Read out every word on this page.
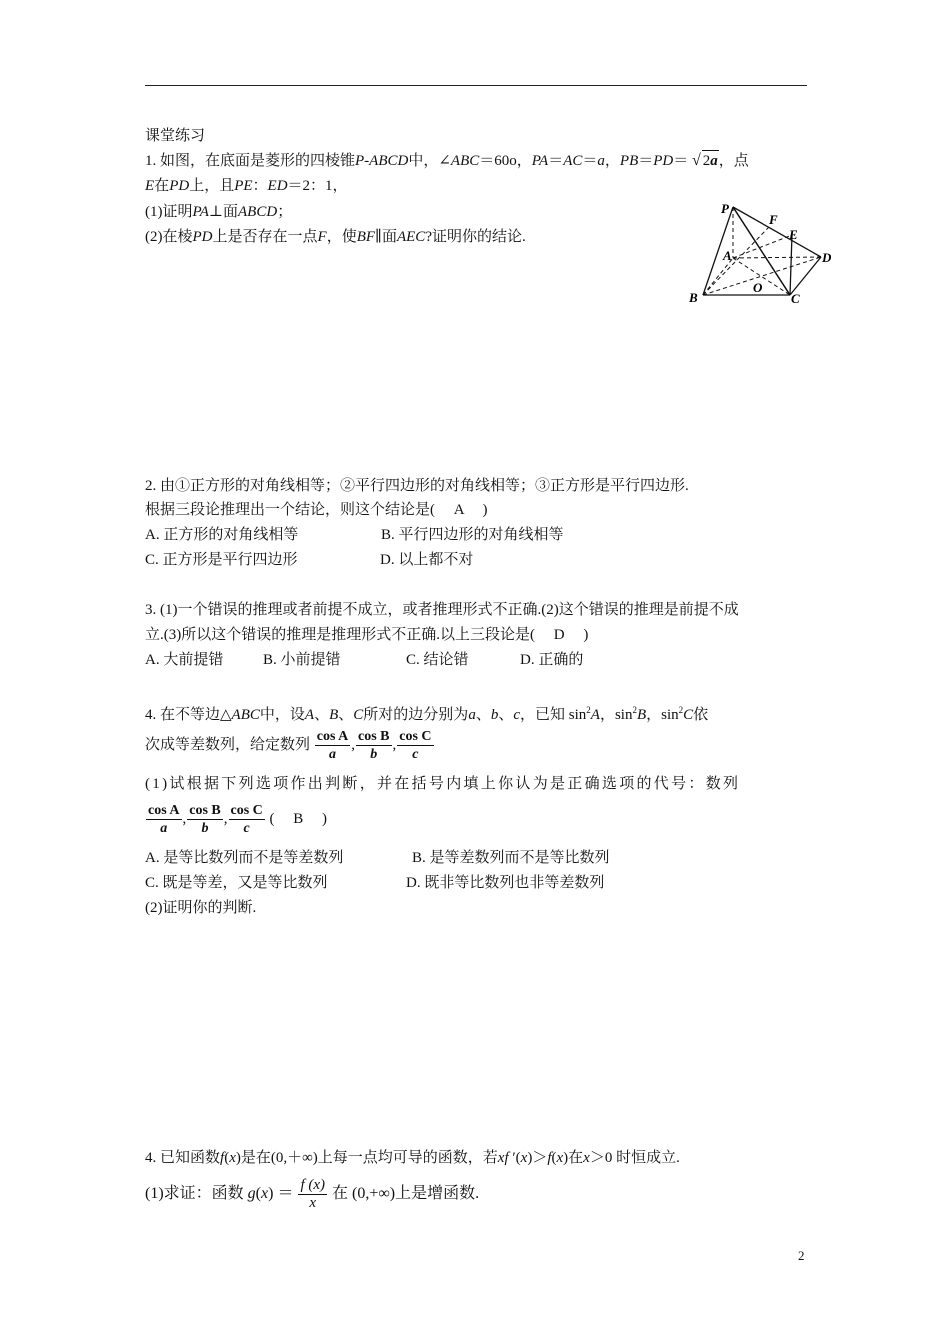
课堂练习
1. 如图，在底面是菱形的四棱锥P-ABCD中，∠ABC＝60o，PA＝AC＝a，PB＝PD＝ √ 2a，点
E在PD上，且PE：ED＝2：1，
(1)证明PA⊥面ABCD；
(2)在棱PD上是否存在一点F，使BF∥面AEC?证明你的结论.
P
F
E
A	D
O
B	C
2. 由①正方形的对角线相等；②平行四边形的对角线相等；③正方形是平行四边形.
根据三段论推理出一个结论，则这个结论是(　 A　 )
A. 正方形的对角线相等	B. 平行四边形的对角线相等
C. 正方形是平行四边形	D. 以上都不对
3. (1)一个错误的推理或者前提不成立，或者推理形式不正确.(2)这个错误的推理是前提不成
立.(3)所以这个错误的推理是推理形式不正确.以上三段论是(　 D　 )
A. 大前提错	B. 小前提错	C. 结论错	D. 正确的
4. 在不等边△ABC中，设A、B、C所对的边分别为a、b、c，已知 $\sin^2A$，$\sin^2B$，$\sin^2C$依
次成等差数列，给定数列 $\frac{\text{cos A}}{a}$ , $\frac{\text{cos B}}{b}$ , $\frac{\text{cos C}}{c}$
(1)试根据下列选项作出判断，并在括号内填上你认为是正确选项的代号：数列
$\frac{\text{cos A}}{a}$ , $\frac{\text{cos B}}{b}$ , $\frac{\text{cos C}}{c}$ (　 B　 )
A. 是等比数列而不是等差数列	B. 是等差数列而不是等比数列
C. 既是等差，又是等比数列	D. 既非等比数列也非等差数列
(2)证明你的判断.
4. 已知函数f(x)是在(0,＋∞)上每一点均可导的函数，若xf ′(x)＞f(x)在x＞0 时恒成立.
(1)求证：函数 $g(x) = \frac{f (x)}{x}$ 在 (0,+∞)上是增函数.
2
